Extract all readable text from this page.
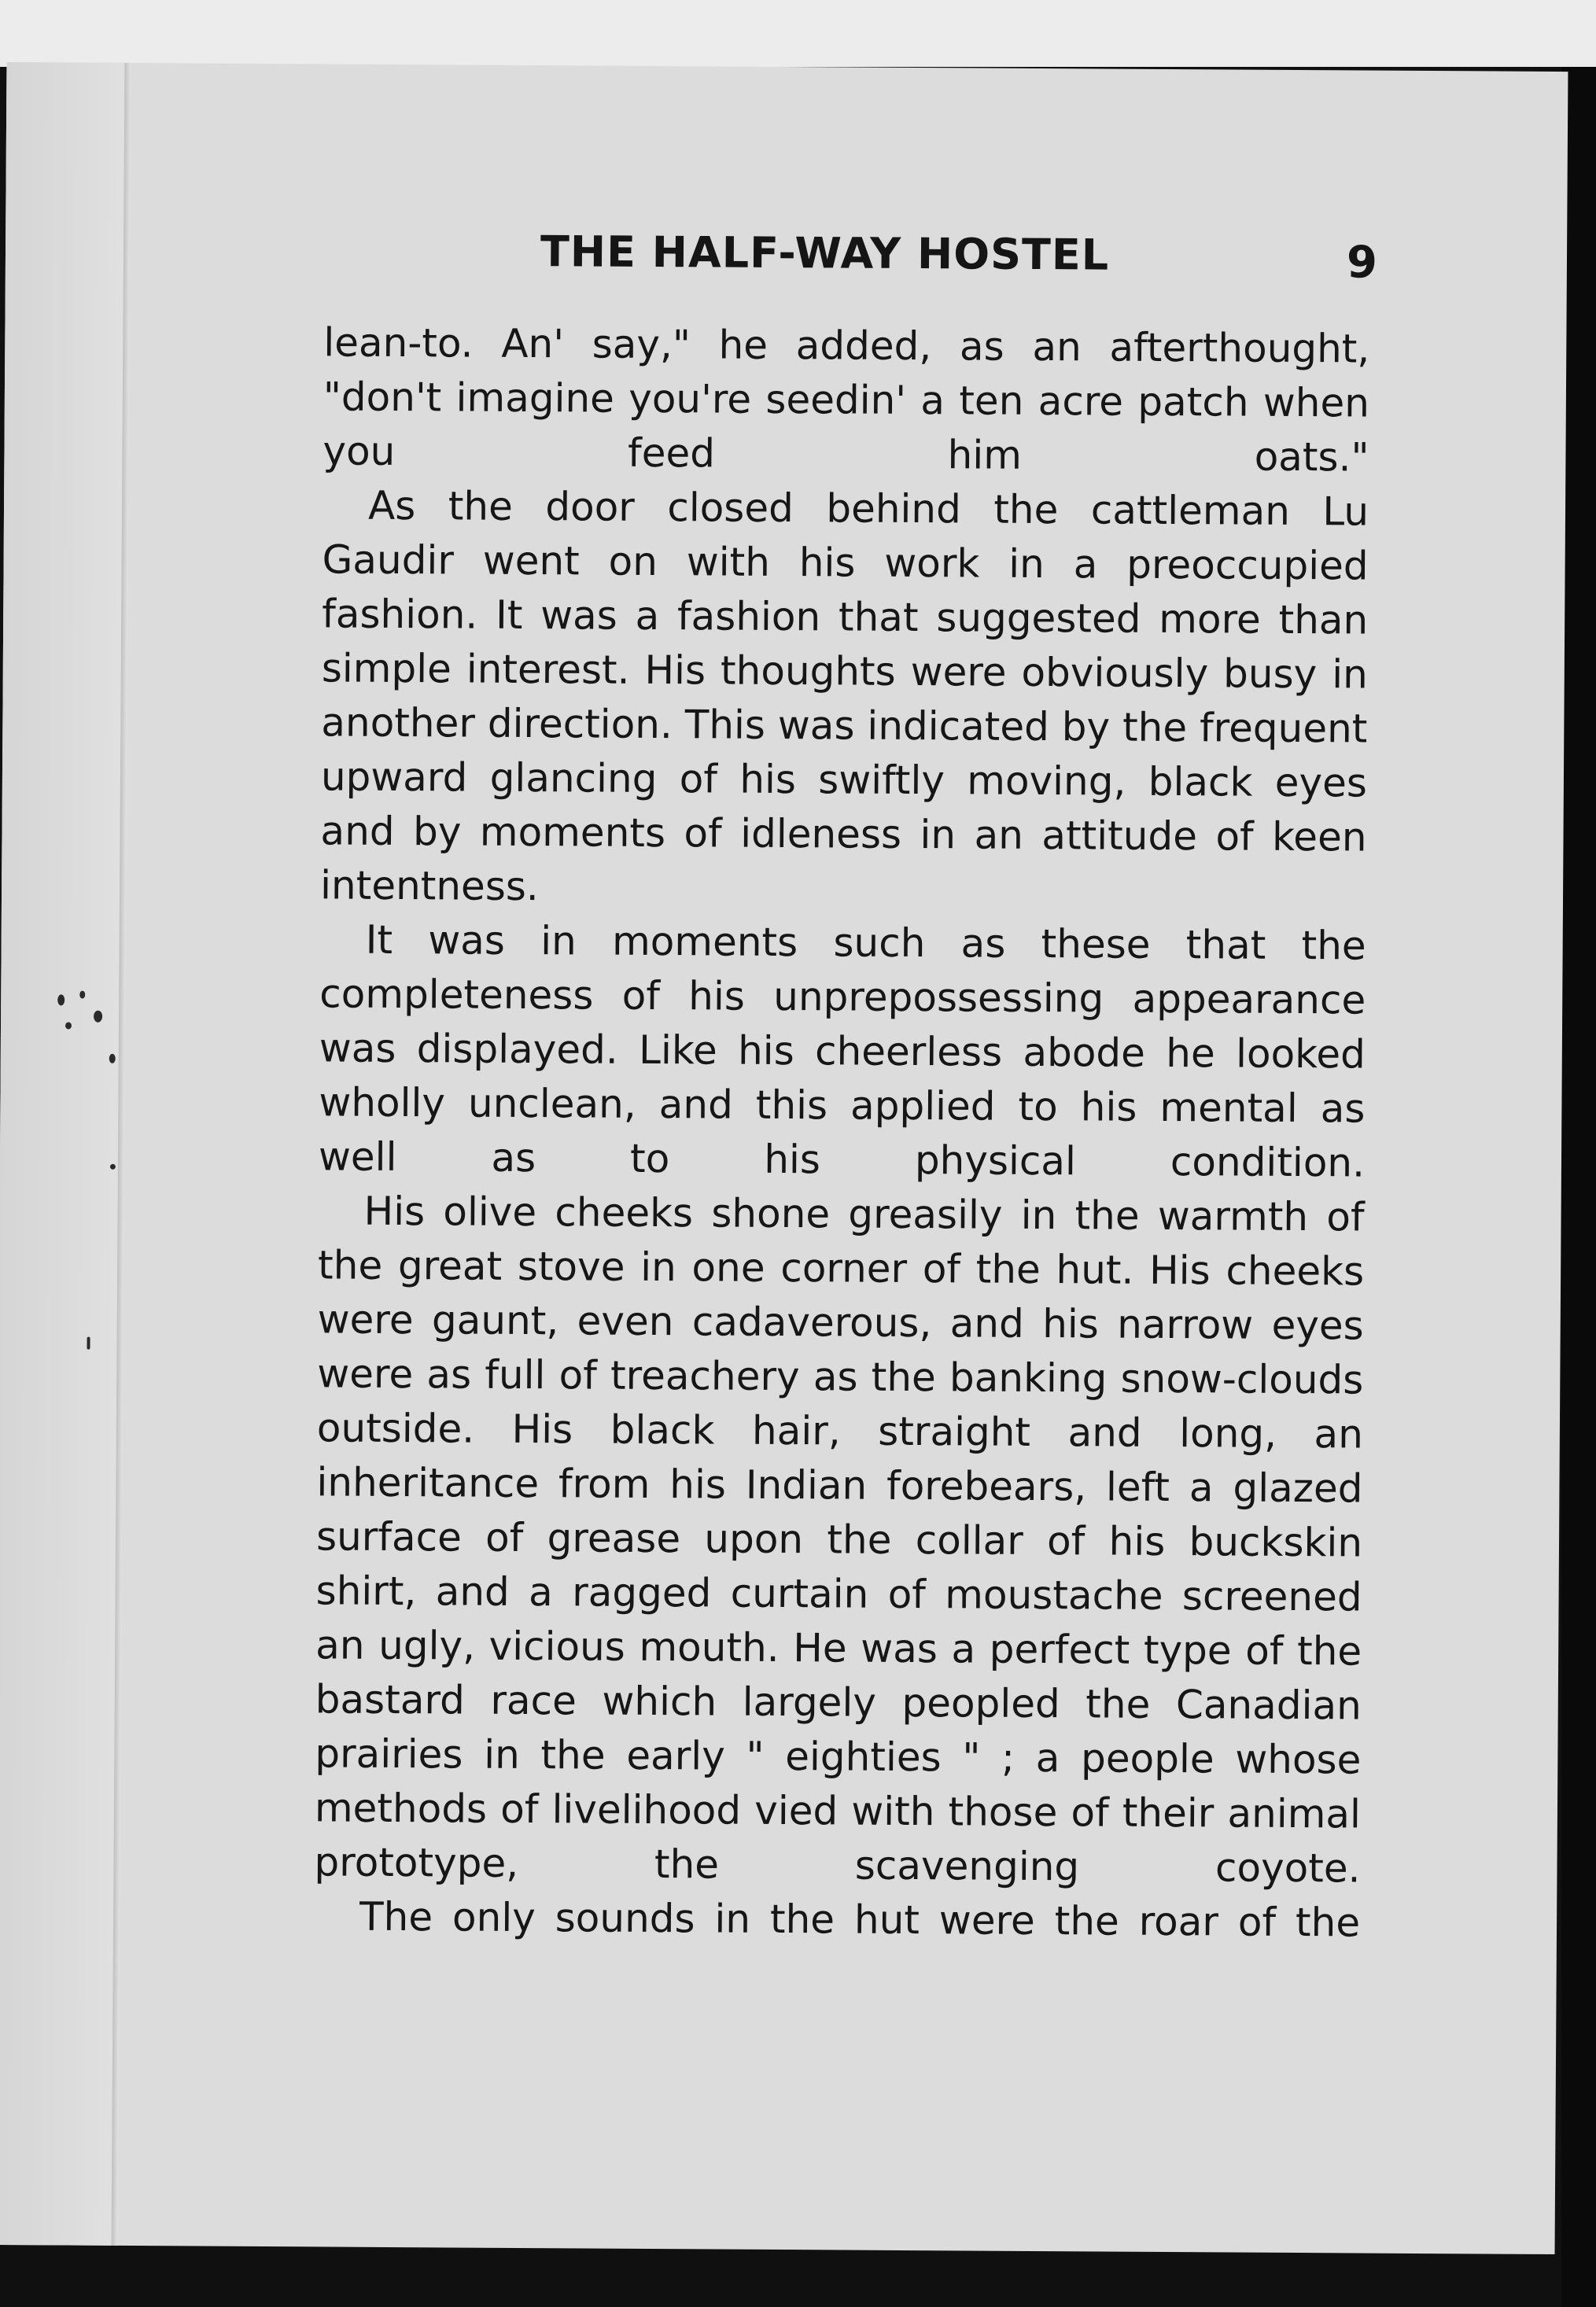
THE HALF-WAY HOSTEL	9

lean-to. An' say," he added, as an afterthought, "don't imagine you're seedin' a ten acre patch when you feed him oats."

As the door closed behind the cattleman Lu Gaudir went on with his work in a preoccupied fashion. It was a fashion that suggested more than simple interest. His thoughts were obviously busy in another direction. This was indicated by the frequent upward glancing of his swiftly moving, black eyes and by moments of idleness in an attitude of keen intentness.

It was in moments such as these that the completeness of his unprepossessing appearance was displayed. Like his cheerless abode he looked wholly unclean, and this applied to his mental as well as to his physical condition.

His olive cheeks shone greasily in the warmth of the great stove in one corner of the hut. His cheeks were gaunt, even cadaverous, and his narrow eyes were as full of treachery as the banking snow-clouds outside. His black hair, straight and long, an inheritance from his Indian forebears, left a glazed surface of grease upon the collar of his buckskin shirt, and a ragged curtain of moustache screened an ugly, vicious mouth. He was a perfect type of the bastard race which largely peopled the Canadian prairies in the early " eighties " ; a people whose methods of livelihood vied with those of their animal prototype, the scavenging coyote.

The only sounds in the hut were the roar of the
